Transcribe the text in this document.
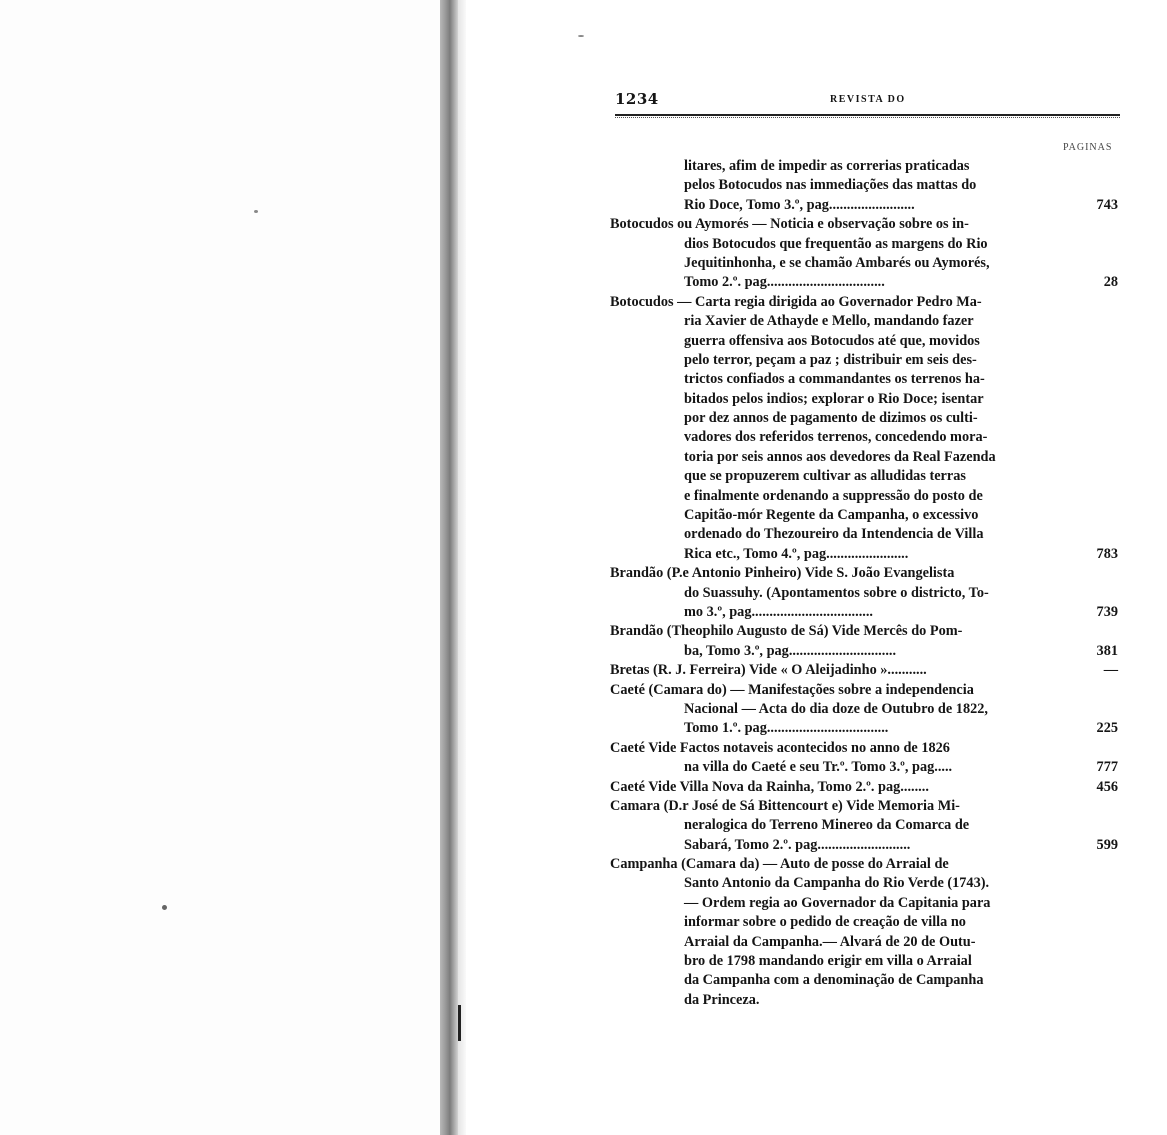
1234	REVISTA DO
PAGINAS
litares, afim de impedir as correrias praticadas
pelos Botocudos nas immediações das mattas do
Rio Doce, Tomo 3.º, pag........................	743
Botocudos ou Aymorés — Noticia e observação sobre os in-
dios Botocudos que frequentão as margens do Rio
Jequitinhonha, e se chamão Ambarés ou Aymorés,
Tomo 2.º. pag.................................	28
Botocudos — Carta regia dirigida ao Governador Pedro Ma-
ria Xavier de Athayde e Mello, mandando fazer
guerra offensiva aos Botocudos até que, movidos
pelo terror, peçam a paz ; distribuir em seis des-
trictos confiados a commandantes os terrenos ha-
bitados pelos indios; explorar o Rio Doce; isentar
por dez annos de pagamento de dizimos os culti-
vadores dos referidos terrenos, concedendo mora-
toria por seis annos aos devedores da Real Fazenda
que se propuzerem cultivar as alludidas terras
e finalmente ordenando a suppressão do posto de
Capitão-mór Regente da Campanha, o excessivo
ordenado do Thezoureiro da Intendencia de Villa
Rica etc., Tomo 4.º, pag.......................	783
Brandão (P.e Antonio Pinheiro) Vide S. João Evangelista
do Suassuhy. (Apontamentos sobre o districto, To-
mo 3.º, pag..................................	739
Brandão (Theophilo Augusto de Sá) Vide Mercês do Pom-
ba, Tomo 3.º, pag..............................	381
Bretas (R. J. Ferreira) Vide « O Aleijadinho »...........	—
Caeté (Camara do) — Manifestações sobre a independencia
Nacional — Acta do dia doze de Outubro de 1822,
Tomo 1.º. pag..................................	225
Caeté Vide Factos notaveis acontecidos no anno de 1826
na villa do Caeté e seu Tr.º. Tomo 3.º, pag.....	777
Caeté Vide Villa Nova da Rainha, Tomo 2.º. pag........	456
Camara (D.r José de Sá Bittencourt e) Vide Memoria Mi-
neralogica do Terreno Minereo da Comarca de
Sabará, Tomo 2.º. pag..........................	599
Campanha (Camara da) — Auto de posse do Arraial de
Santo Antonio da Campanha do Rio Verde (1743).
— Ordem regia ao Governador da Capitania para
informar sobre o pedido de creação de villa no
Arraial da Campanha.— Alvará de 20 de Outu-
bro de 1798 mandando erigir em villa o Arraial
da Campanha com a denominação de Campanha
da Princeza.
